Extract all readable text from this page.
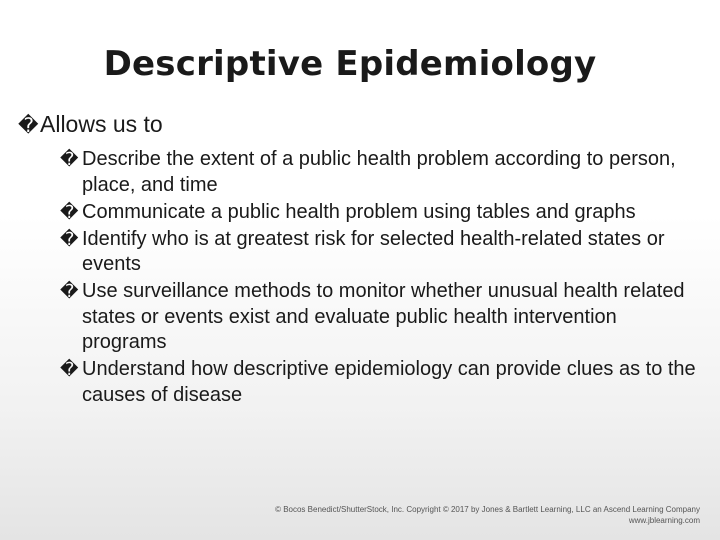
Descriptive Epidemiology
�Allows us to
� Describe the extent of a public health problem according to person, place, and time
� Communicate a public health problem using tables and graphs
� Identify who is at greatest risk for selected health-related states or events
� Use surveillance methods to monitor whether unusual health related states or events exist and evaluate public health intervention programs
� Understand how descriptive epidemiology can provide clues as to the causes of disease
© Bocos Benedict/ShutterStock, Inc. Copyright © 2017 by Jones & Bartlett Learning, LLC an Ascend Learning Company
www.jblearning.com
